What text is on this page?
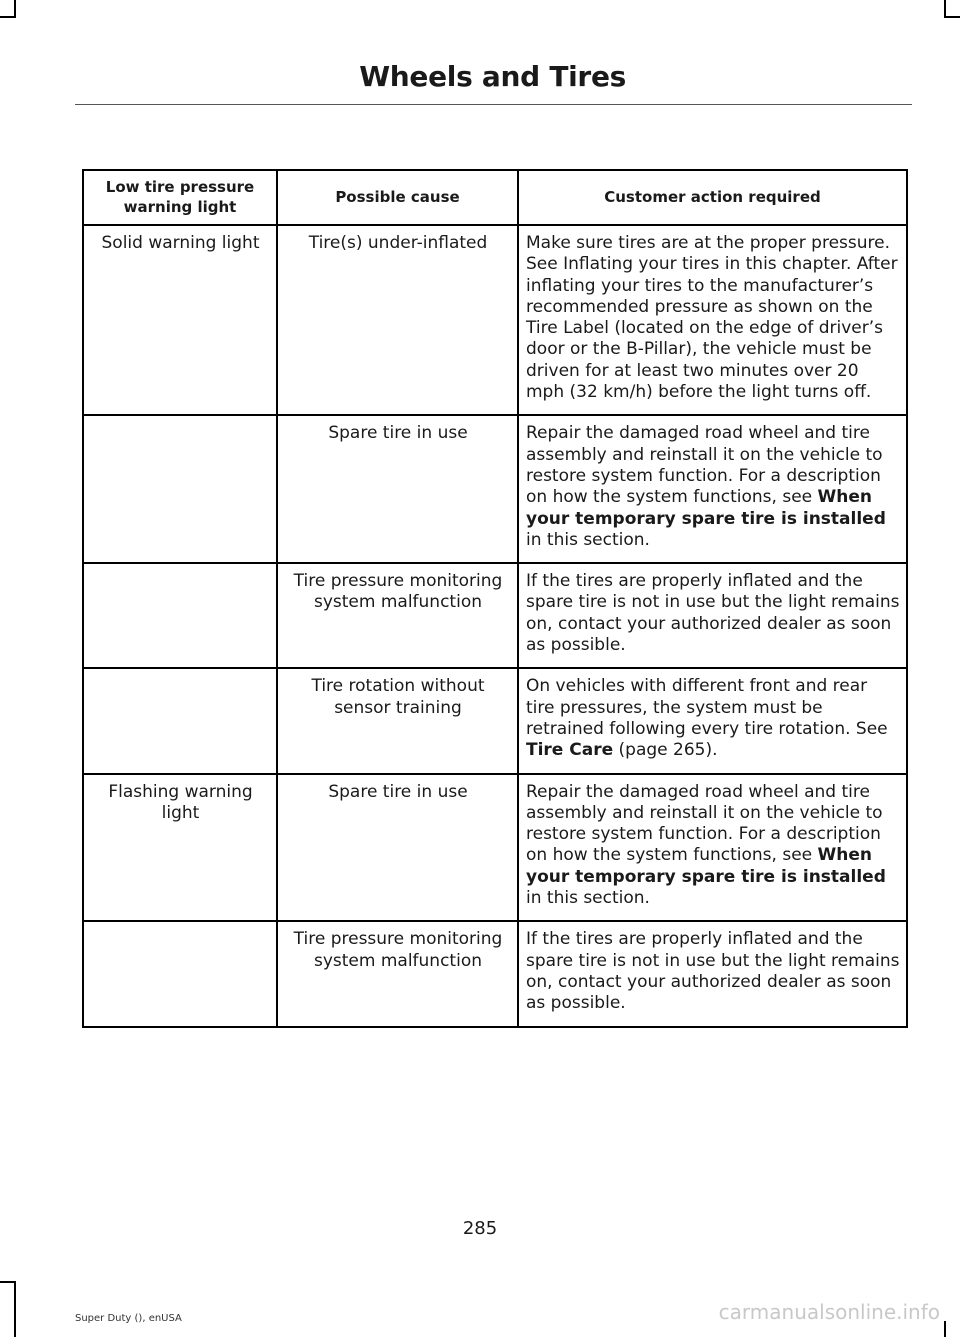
Wheels and Tires
Low tire pressure warning light	Possible cause	Customer action required
Solid warning light	Tire(s) under-inflated	Make sure tires are at the proper pressure. See Inflating your tires in this chapter. After inflating your tires to the manufacturer’s recommended pressure as shown on the Tire Label (located on the edge of driver’s door or the B-Pillar), the vehicle must be driven for at least two minutes over 20 mph (32 km/h) before the light turns off.
	Spare tire in use	Repair the damaged road wheel and tire assembly and reinstall it on the vehicle to restore system function. For a description on how the system functions, see When your temporary spare tire is installed in this section.
	Tire pressure monitoring system malfunction	If the tires are properly inflated and the spare tire is not in use but the light remains on, contact your authorized dealer as soon as possible.
	Tire rotation without sensor training	On vehicles with different front and rear tire pressures, the system must be retrained following every tire rotation. See Tire Care (page 265).
Flashing warning light	Spare tire in use	Repair the damaged road wheel and tire assembly and reinstall it on the vehicle to restore system function. For a description on how the system functions, see When your temporary spare tire is installed in this section.
	Tire pressure monitoring system malfunction	If the tires are properly inflated and the spare tire is not in use but the light remains on, contact your authorized dealer as soon as possible.
285
Super Duty (), enUSA	carmanualsonline.info
